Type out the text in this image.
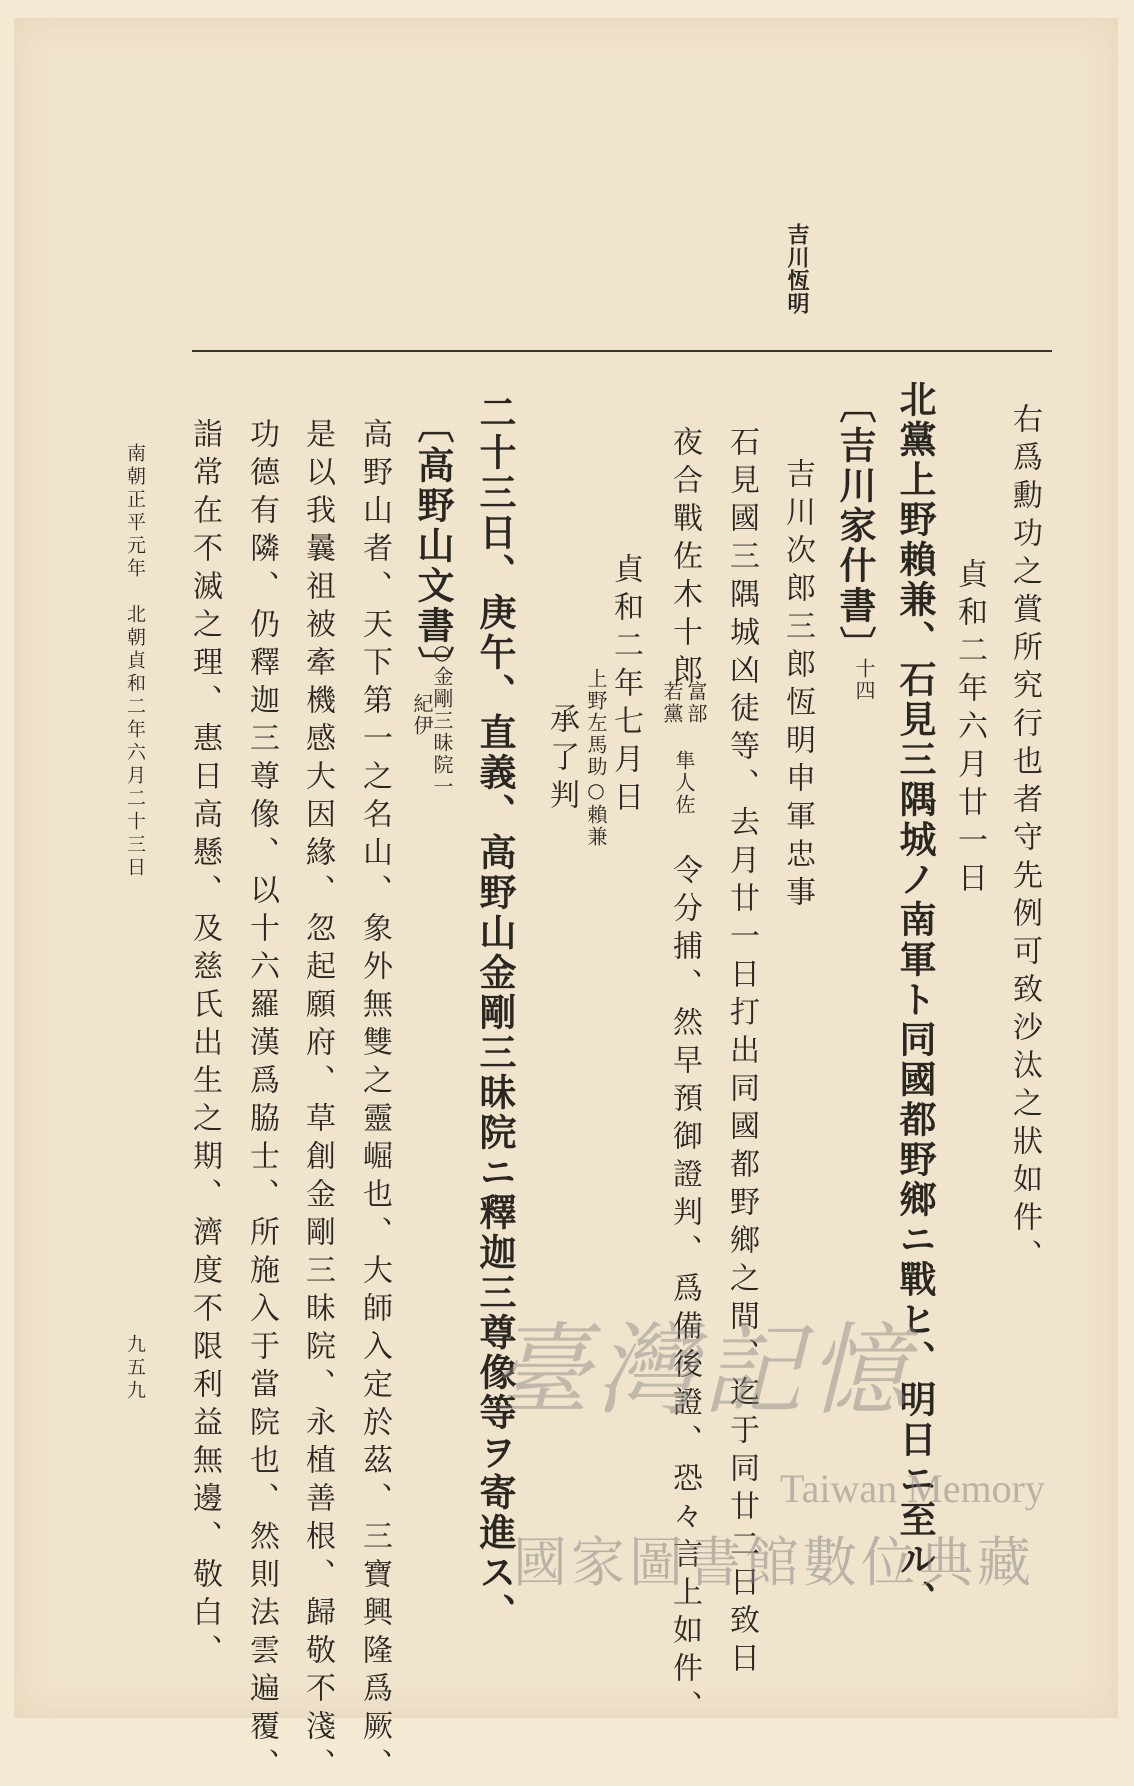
吉川恆明
右爲勳功之賞所究行也者守先例可致沙汰之狀如件、
貞和二年六月廿一日
北黨上野賴兼、石見三隅城ノ南軍ト同國都野鄉ニ戰ヒ、明日ニ至ル、
〔吉川家什書〕
十四
吉川次郎三郎恆明申軍忠事
石見國三隅城凶徒等、去月廿一日打出同國都野鄉之間、迄于同廿二日致日
夜合戰佐木十郎
富部
若黨
隼人佐
令分捕、然早預御證判、爲備後證、恐々言上如件、
貞和二年七月日
上野左馬助○賴兼
承了判
二十三日、庚午、直義、高野山金剛三昧院ニ釋迦三尊像等ヲ寄進ス、
〔高野山文書〕
○金剛三昧院一
紀伊
高野山者、天下第一之名山、象外無雙之靈崛也、大師入定於茲、三寶興隆爲厥、
是以我曩祖被牽機感大因緣、忽起願府、草創金剛三昧院、永植善根、歸敬不淺、
功德有隣、仍釋迦三尊像、以十六羅漢爲脇士、所施入于當院也、然則法雲遍覆、
詣常在不滅之理、惠日高懸、及慈氏出生之期、濟度不限利益無邊、敬白、
南朝正平元年　北朝貞和二年六月二十三日
九五九	臺灣記憶
Taiwan Memory
國家圖書館數位典藏
